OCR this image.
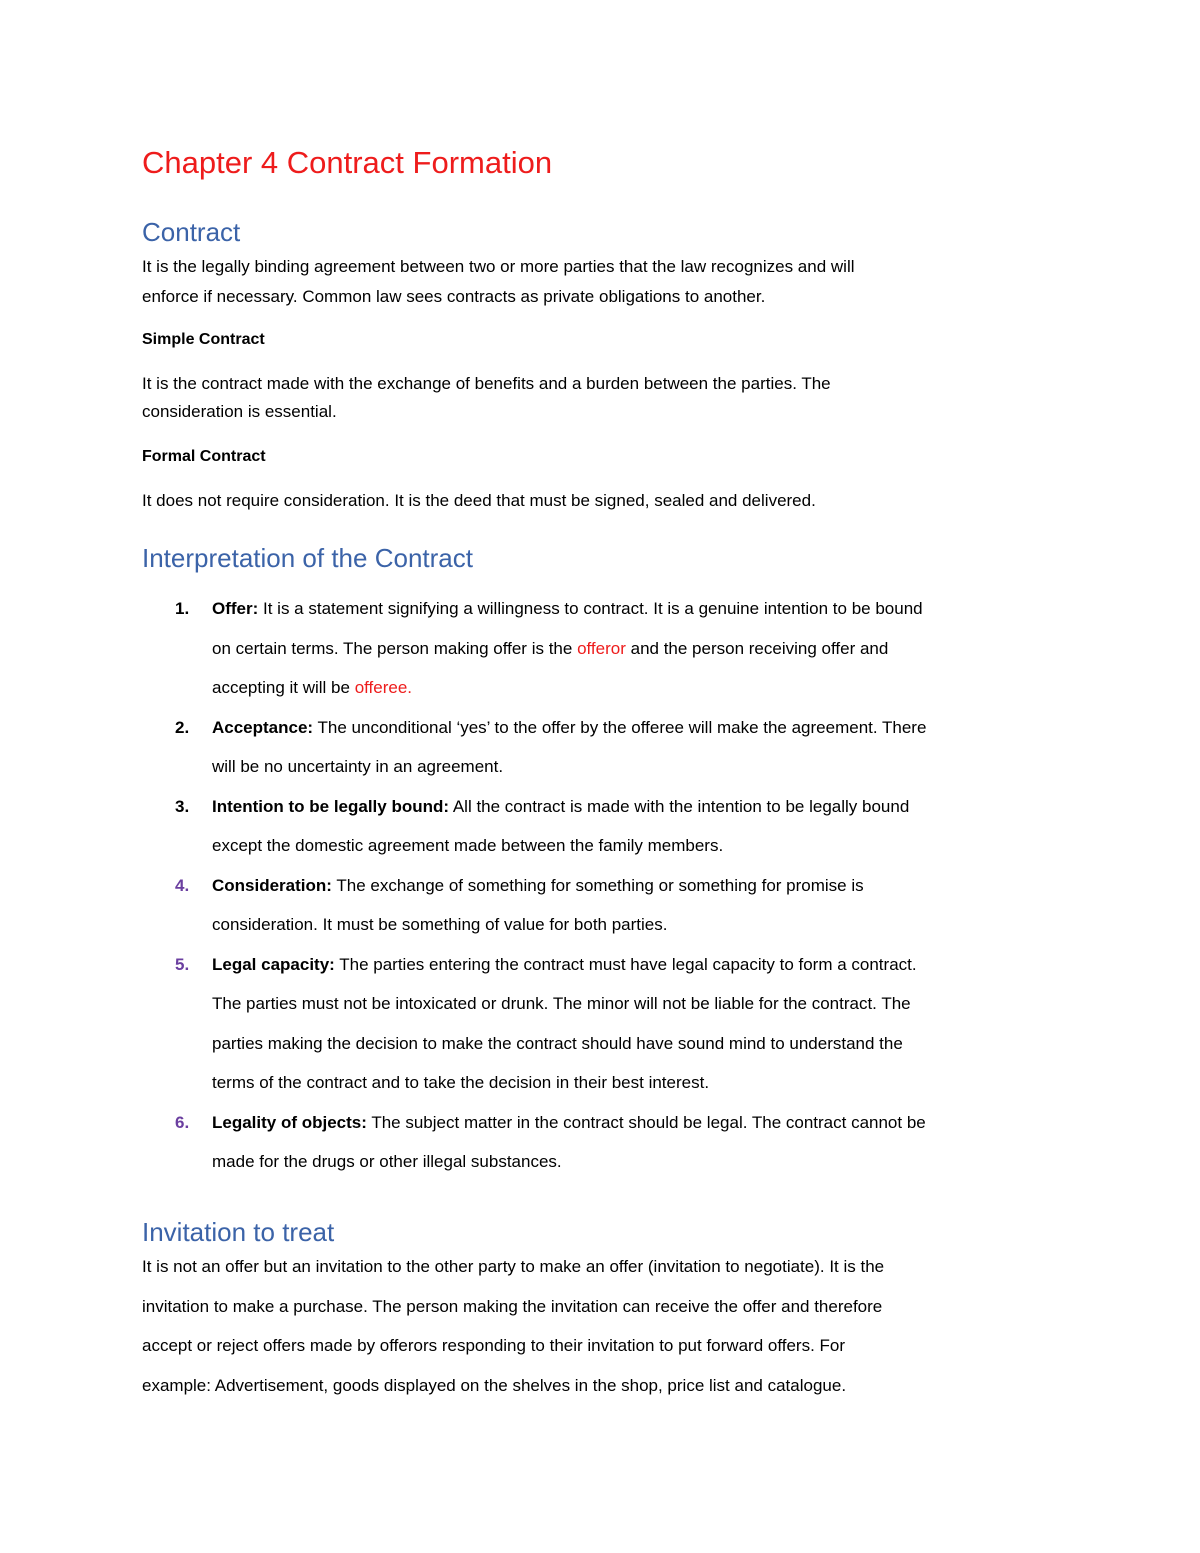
Chapter 4 Contract Formation
Contract

It is the legally binding agreement between two or more parties that the law recognizes and will

enforce if necessary. Common law sees contracts as private obligations to another.

Simple Contract

It is the contract made with the exchange of benefits and a burden between the parties. The

consideration is essential.

Formal Contract

It does not require consideration. It is the deed that must be signed, sealed and delivered.

Interpretation of the Contract
1.	Offer: It is a statement signifying a willingness to contract. It is a genuine intention to be bound

on certain terms. The person making offer is the offeror and the person receiving offer and

accepting it will be offeree.

2.	Acceptance: The unconditional ‘yes’ to the offer by the offeree will make the agreement. There

will be no uncertainty in an agreement.

3.	Intention to be legally bound: All the contract is made with the intention to be legally bound

except the domestic agreement made between the family members.

4.	Consideration: The exchange of something for something or something for promise is

consideration. It must be something of value for both parties.

5.	Legal capacity: The parties entering the contract must have legal capacity to form a contract.

The parties must not be intoxicated or drunk. The minor will not be liable for the contract. The

parties making the decision to make the contract should have sound mind to understand the

terms of the contract and to take the decision in their best interest.

6.	Legality of objects: The subject matter in the contract should be legal. The contract cannot be

made for the drugs or other illegal substances.

Invitation to treat

It is not an offer but an invitation to the other party to make an offer (invitation to negotiate). It is the

invitation to make a purchase. The person making the invitation can receive the offer and therefore

accept or reject offers made by offerors responding to their invitation to put forward offers. For

example: Advertisement, goods displayed on the shelves in the shop, price list and catalogue.
